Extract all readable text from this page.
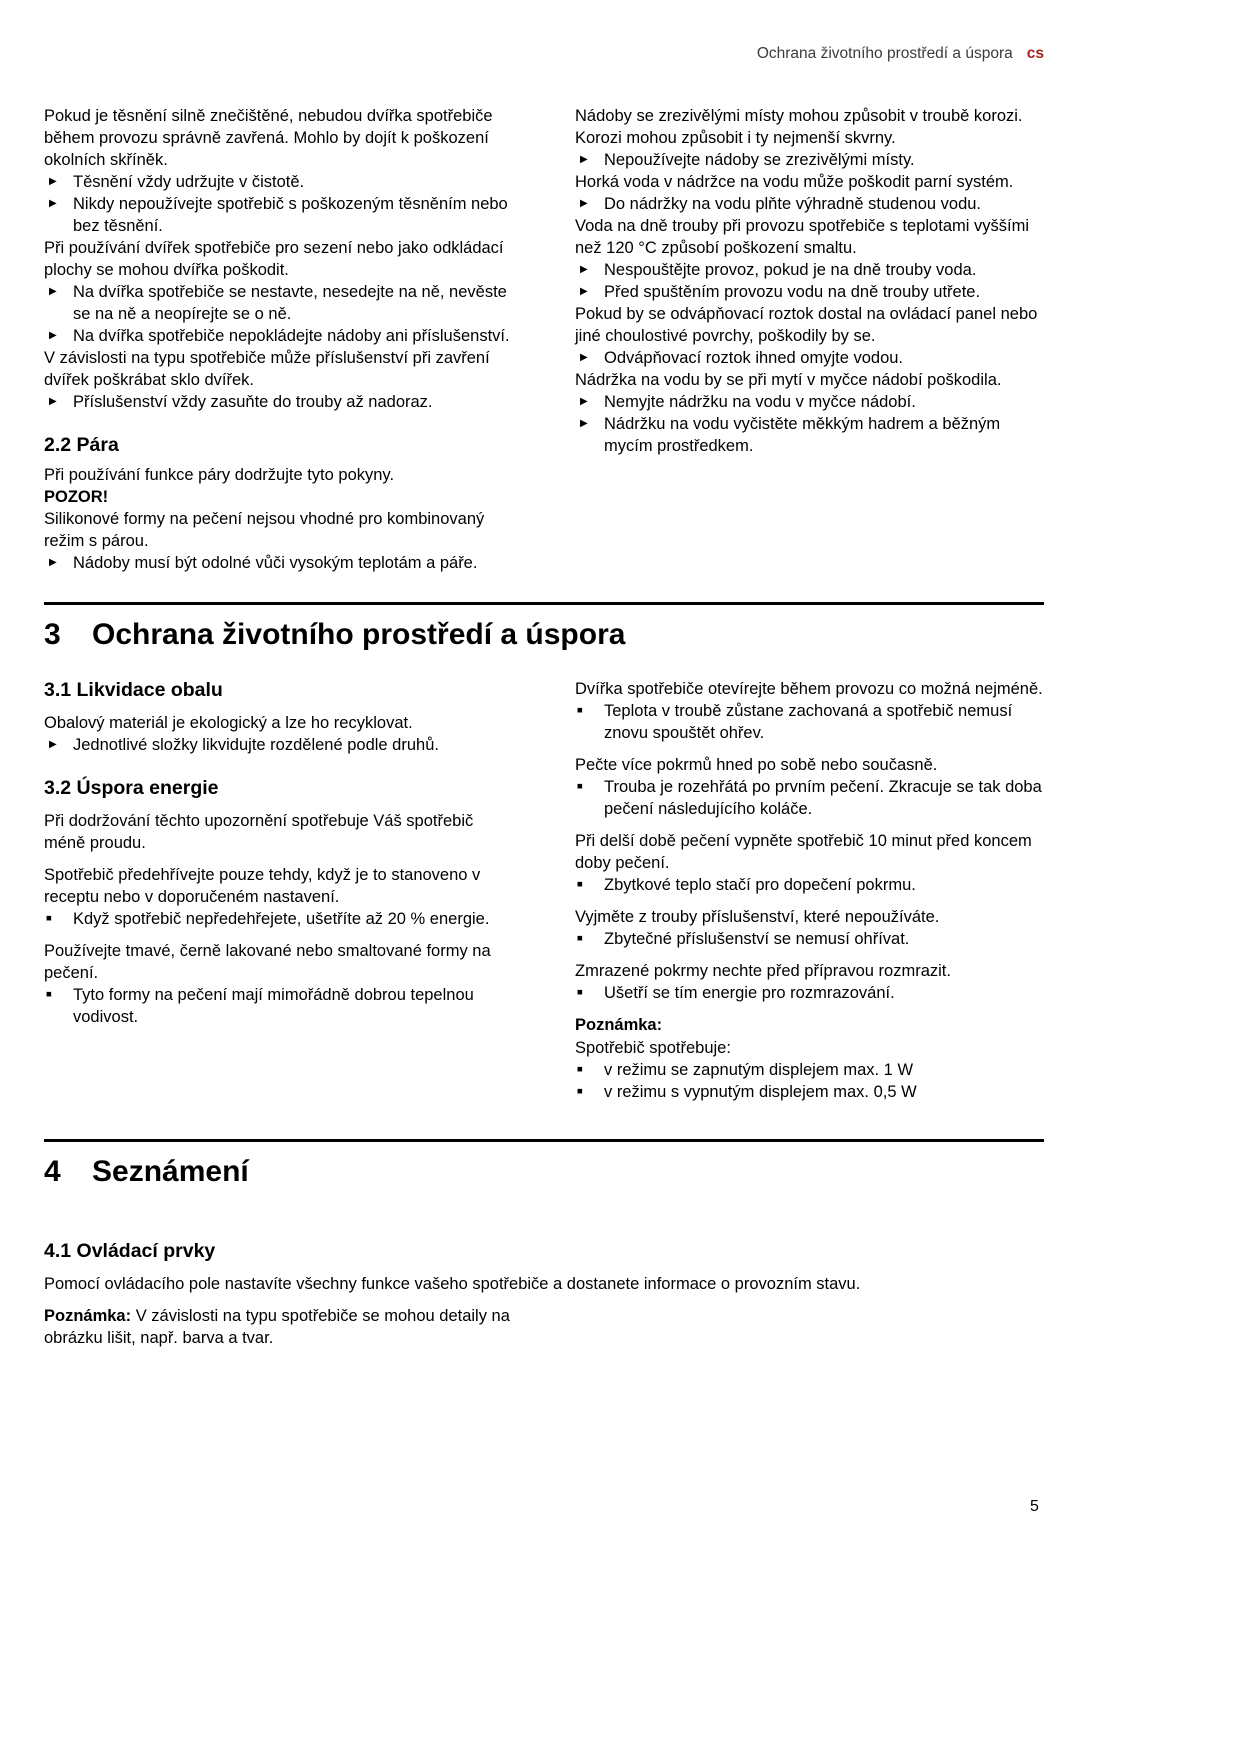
Ochrana životního prostředí a úspora cs

Pokud je těsnění silně znečištěné, nebudou dvířka spotřebiče během provozu správně zavřená. Mohlo by dojít k poškození okolních skříněk.

▶ Těsnění vždy udržujte v čistotě.
▶ Nikdy nepoužívejte spotřebič s poškozeným těsněním nebo bez těsnění.

Při používání dvířek spotřebiče pro sezení nebo jako odkládací plochy se mohou dvířka poškodit.

▶ Na dvířka spotřebiče se nestavte, nesedejte na ně, nevěste se na ně a neopírejte se o ně.
▶ Na dvířka spotřebiče nepokládejte nádoby ani příslušenství.

V závislosti na typu spotřebiče může příslušenství při zavření dvířek poškrábat sklo dvířek.

▶ Příslušenství vždy zasuňte do trouby až nadoraz.
2.2 Pára

Při používání funkce páry dodržujte tyto pokyny.

POZOR!

Silikonové formy na pečení nejsou vhodné pro kombinovaný režim s párou.

▶ Nádoby musí být odolné vůči vysokým teplotám a páře.

Nádoby se zrezivělými místy mohou způsobit v troubě korozi. Korozi mohou způsobit i ty nejmenší skvrny.

▶ Nepoužívejte nádoby se zrezivělými místy.

Horká voda v nádržce na vodu může poškodit parní systém.

▶ Do nádržky na vodu plňte výhradně studenou vodu.

Voda na dně trouby při provozu spotřebiče s teplotami vyššími než 120 °C způsobí poškození smaltu.

▶ Nespouštějte provoz, pokud je na dně trouby voda.
▶ Před spuštěním provozu vodu na dně trouby utřete.

Pokud by se odvápňovací roztok dostal na ovládací panel nebo jiné choulostivé povrchy, poškodily by se.

▶ Odvápňovací roztok ihned omyjte vodou.

Nádržka na vodu by se při mytí v myčce nádobí poškodila.

▶ Nemyjte nádržku na vodu v myčce nádobí.
▶ Nádržku na vodu vyčistěte měkkým hadrem a běžným mycím prostředkem.
3	Ochrana životního prostředí a úspora
3.1 Likvidace obalu

Obalový materiál je ekologický a lze ho recyklovat.

▶ Jednotlivé složky likvidujte rozdělené podle druhů.
3.2 Úspora energie

Při dodržování těchto upozornění spotřebuje Váš spotřebič méně proudu.

Spotřebič předehřívejte pouze tehdy, když je to stanoveno v receptu nebo v doporučeném nastavení.

■ Když spotřebič nepředehřejete, ušetříte až 20 % energie.

Používejte tmavé, černě lakované nebo smaltované formy na pečení.

■ Tyto formy na pečení mají mimořádně dobrou tepelnou vodivost.

Dvířka spotřebiče otevírejte během provozu co možná nejméně.

■ Teplota v troubě zůstane zachovaná a spotřebič nemusí znovu spouštět ohřev.

Pečte více pokrmů hned po sobě nebo současně.

■ Trouba je rozehřátá po prvním pečení. Zkracuje se tak doba pečení následujícího koláče.

Při delší době pečení vypněte spotřebič 10 minut před koncem doby pečení.

■ Zbytkové teplo stačí pro dopečení pokrmu.

Vyjměte z trouby příslušenství, které nepoužíváte.

■ Zbytečné příslušenství se nemusí ohřívat.

Zmrazené pokrmy nechte před přípravou rozmrazit.

■ Ušetří se tím energie pro rozmrazování.

Poznámka:

Spotřebič spotřebuje:

■ v režimu se zapnutým displejem max. 1 W
■ v režimu s vypnutým displejem max. 0,5 W
4	Seznámení
4.1 Ovládací prvky

Pomocí ovládacího pole nastavíte všechny funkce vašeho spotřebiče a dostanete informace o provozním stavu.

Poznámka: V závislosti na typu spotřebiče se mohou detaily na obrázku lišit, např. barva a tvar.

5
